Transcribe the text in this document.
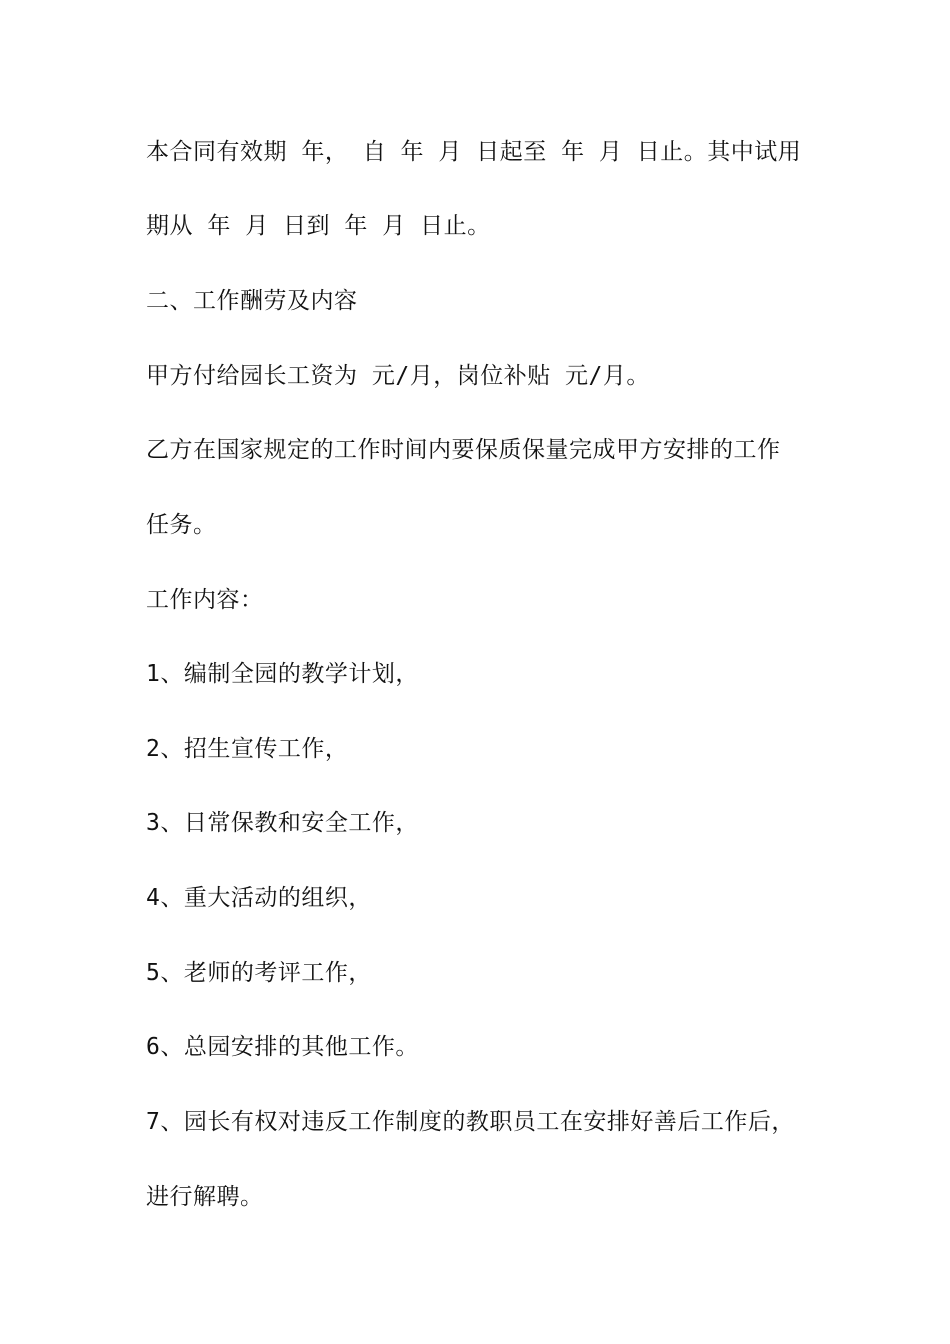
本合同有效期 年， 自 年 月 日起至 年 月 日止。其中试用
期从 年 月 日到 年 月 日止。
二、工作酬劳及内容
甲方付给园长工资为 元/月，岗位补贴 元/月。
乙方在国家规定的工作时间内要保质保量完成甲方安排的工作
任务。
工作内容：
1、编制全园的教学计划，
2、招生宣传工作，
3、日常保教和安全工作，
4、重大活动的组织，
5、老师的考评工作，
6、总园安排的其他工作。
7、园长有权对违反工作制度的教职员工在安排好善后工作后，
进行解聘。
